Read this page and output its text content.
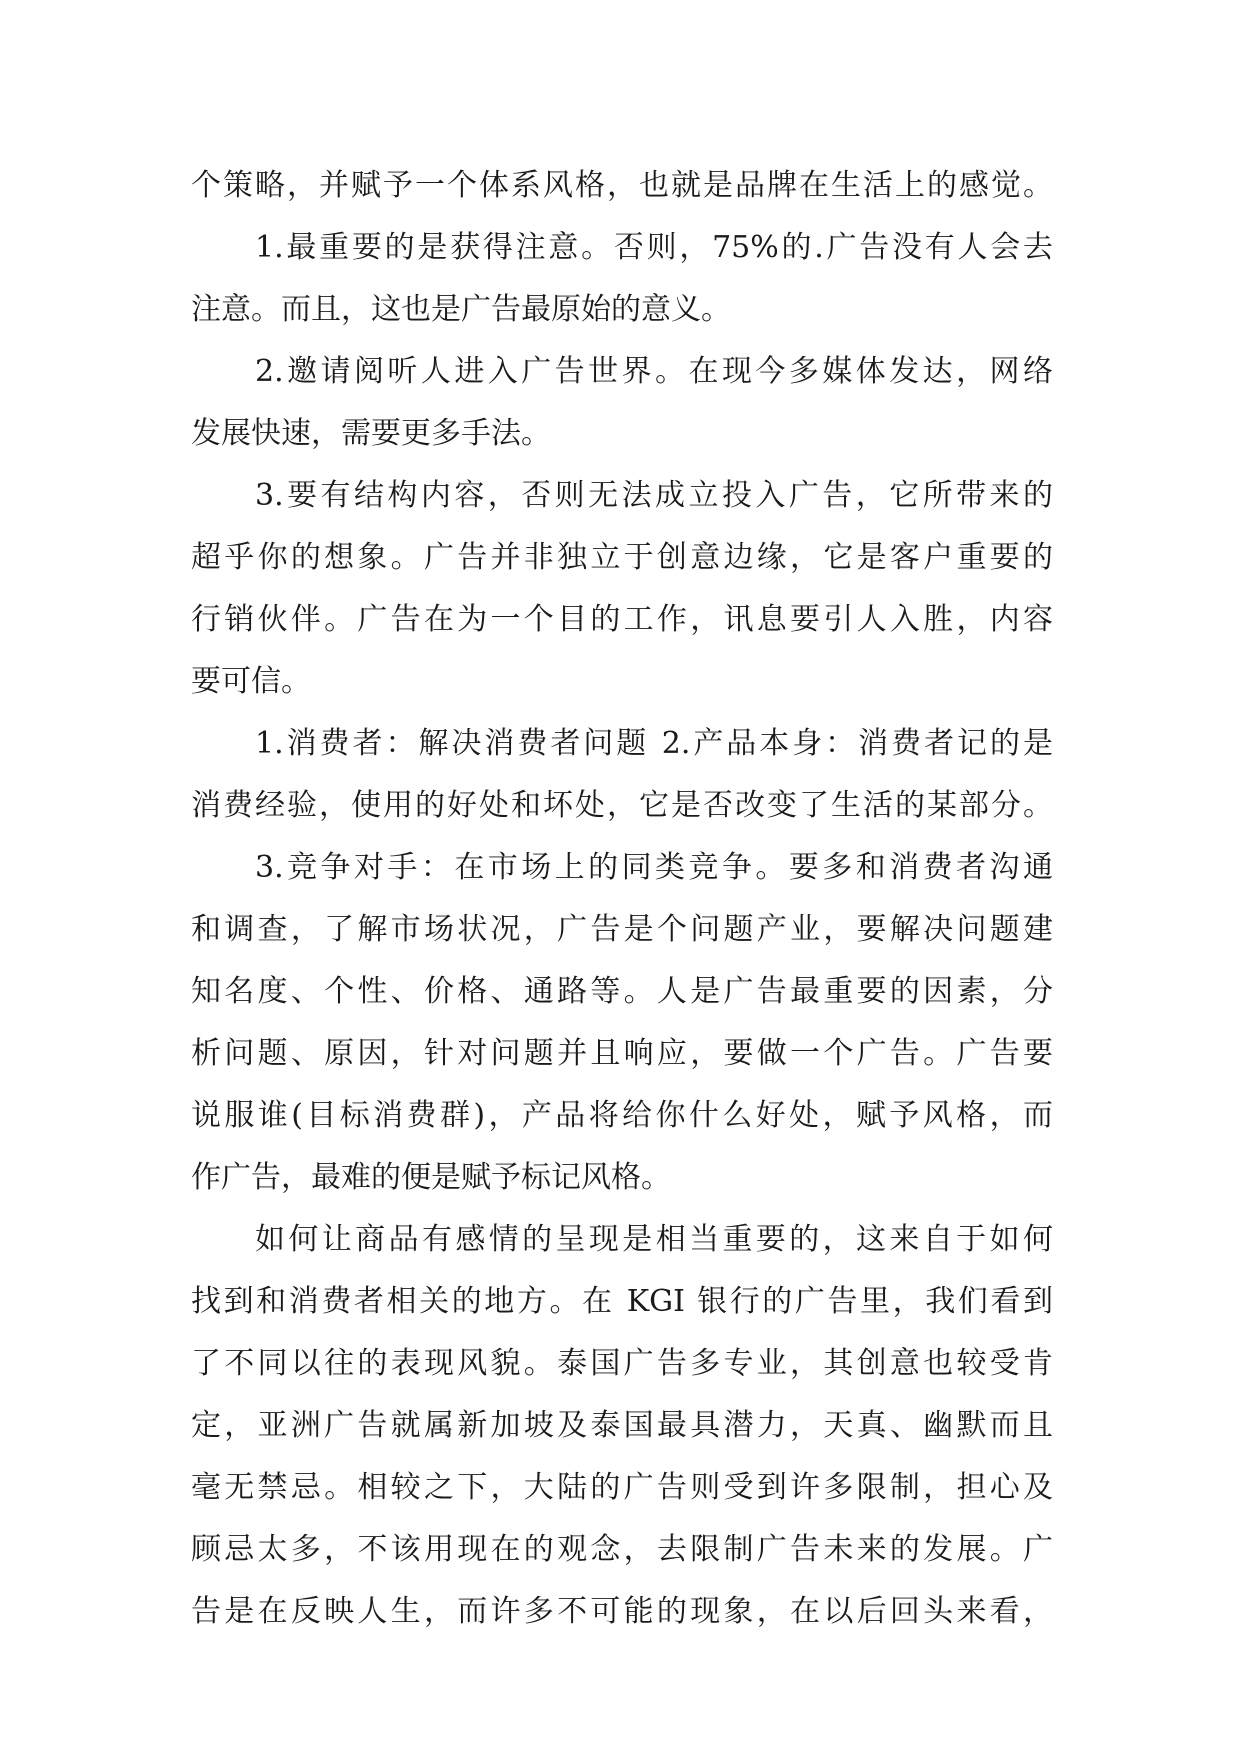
个策略，并赋予一个体系风格，也就是品牌在生活上的感觉。
1.最重要的是获得注意。否则，75%的.广告没有人会去
注意。而且，这也是广告最原始的意义。
2.邀请阅听人进入广告世界。在现今多媒体发达，网络
发展快速，需要更多手法。
3.要有结构内容，否则无法成立投入广告，它所带来的
超乎你的想象。广告并非独立于创意边缘，它是客户重要的
行销伙伴。广告在为一个目的工作，讯息要引人入胜，内容
要可信。
1.消费者：解决消费者问题 2.产品本身：消费者记的是
消费经验，使用的好处和坏处，它是否改变了生活的某部分。
3.竞争对手：在市场上的同类竞争。要多和消费者沟通
和调查，了解市场状况，广告是个问题产业，要解决问题建
知名度、个性、价格、通路等。人是广告最重要的因素，分
析问题、原因，针对问题并且响应，要做一个广告。广告要
说服谁(目标消费群)，产品将给你什么好处，赋予风格，而
作广告，最难的便是赋予标记风格。
如何让商品有感情的呈现是相当重要的，这来自于如何
找到和消费者相关的地方。在 KGI 银行的广告里，我们看到
了不同以往的表现风貌。泰国广告多专业，其创意也较受肯
定，亚洲广告就属新加坡及泰国最具潜力，天真、幽默而且
毫无禁忌。相较之下，大陆的广告则受到许多限制，担心及
顾忌太多，不该用现在的观念，去限制广告未来的发展。广
告是在反映人生，而许多不可能的现象，在以后回头来看，
